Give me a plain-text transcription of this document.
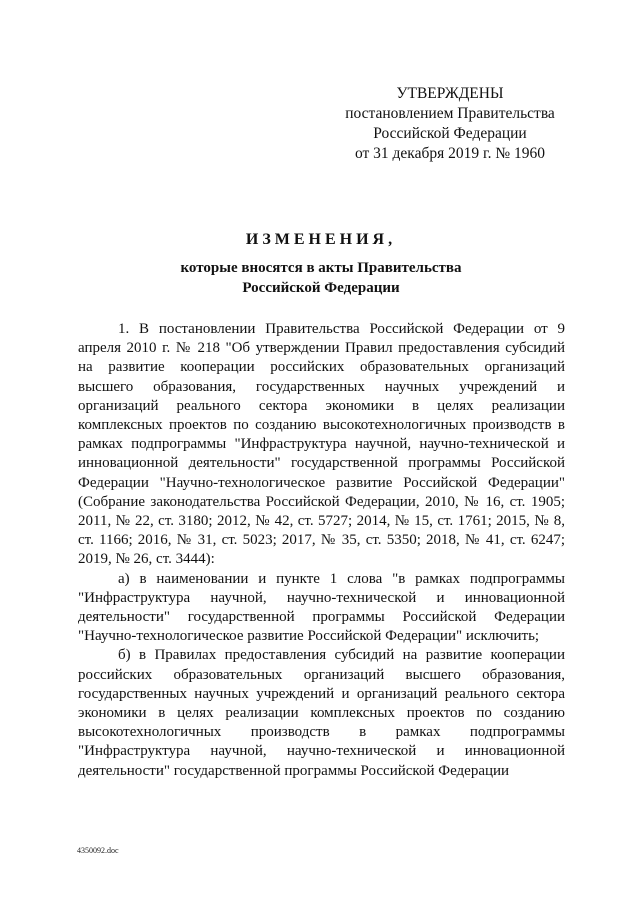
УТВЕРЖДЕНЫ
постановлением Правительства
Российской Федерации
от 31 декабря 2019 г. № 1960
ИЗМЕНЕНИЯ,
которые вносятся в акты Правительства
Российской Федерации

1. В постановлении Правительства Российской Федерации от 9 апреля 2010 г. № 218 "Об утверждении Правил предоставления субсидий на развитие кооперации российских образовательных организаций высшего образования, государственных научных учреждений и организаций реального сектора экономики в целях реализации комплексных проектов по созданию высокотехнологичных производств в рамках подпрограммы "Инфраструктура научной, научно-технической и инновационной деятельности" государственной программы Российской Федерации "Научно-технологическое развитие Российской Федерации" (Собрание законодательства Российской Федерации, 2010, № 16, ст. 1905; 2011, № 22, ст. 3180; 2012, № 42, ст. 5727; 2014, № 15, ст. 1761; 2015, № 8, ст. 1166; 2016, № 31, ст. 5023; 2017, № 35, ст. 5350; 2018, № 41, ст. 6247; 2019, № 26, ст. 3444):

а) в наименовании и пункте 1 слова "в рамках подпрограммы "Инфраструктура научной, научно-технической и инновационной деятельности" государственной программы Российской Федерации "Научно-технологическое развитие Российской Федерации" исключить;

б) в Правилах предоставления субсидий на развитие кооперации российских образовательных организаций высшего образования, государственных научных учреждений и организаций реального сектора экономики в целях реализации комплексных проектов по созданию высокотехнологичных производств в рамках подпрограммы "Инфраструктура научной, научно-технической и инновационной деятельности" государственной программы Российской Федерации

4350092.doc
